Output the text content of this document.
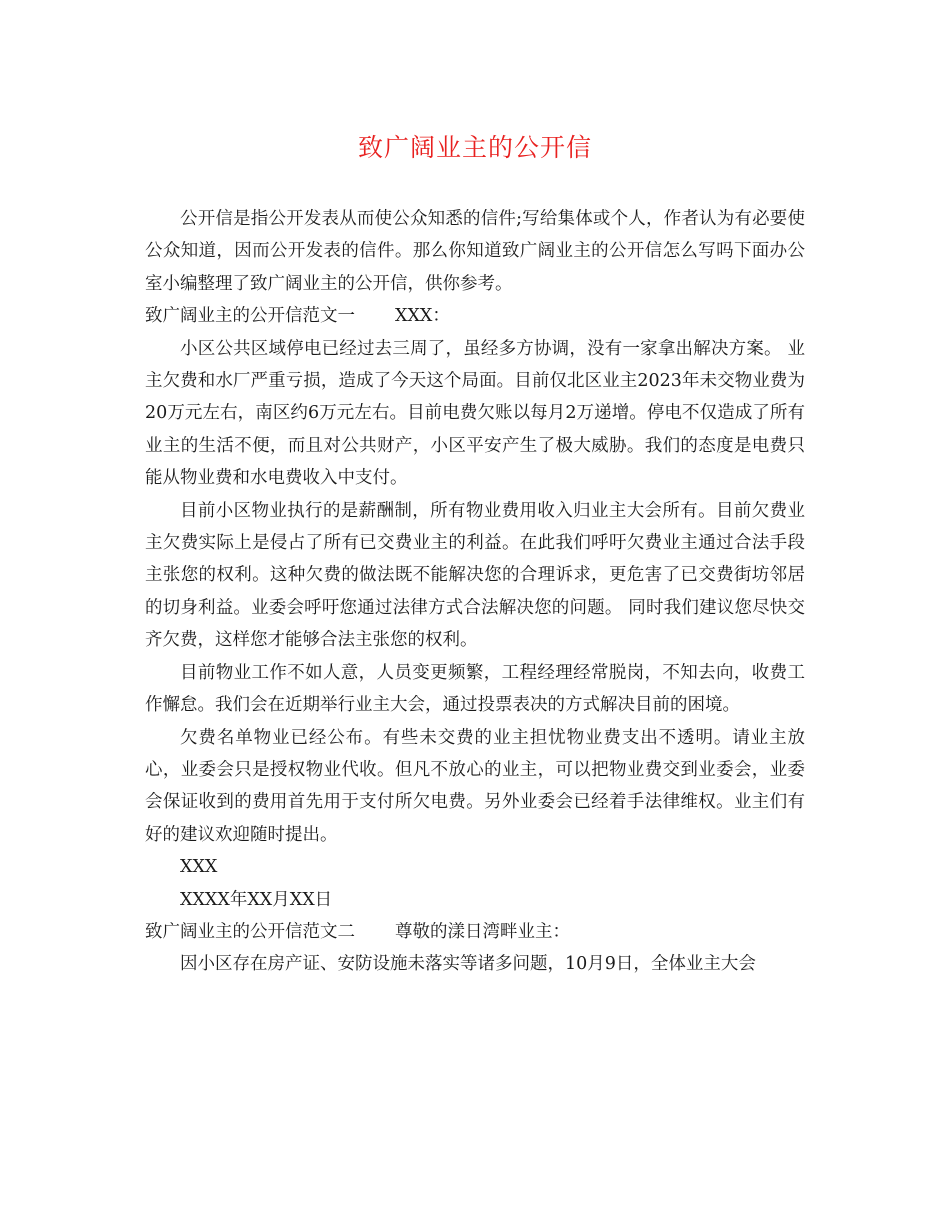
致广阔业主的公开信

公开信是指公开发表从而使公众知悉的信件;写给集体或个人，作者认为有必要使公众知道，因而公开发表的信件。那么你知道致广阔业主的公开信怎么写吗下面办公室小编整理了致广阔业主的公开信，供你参考。

致广阔业主的公开信范文一 XXX：

小区公共区域停电已经过去三周了，虽经多方协调，没有一家拿出解决方案。 业主欠费和水厂严重亏损，造成了今天这个局面。目前仅北区业主2023年未交物业费为20万元左右，南区约6万元左右。目前电费欠账以每月2万递增。停电不仅造成了所有业主的生活不便，而且对公共财产，小区平安产生了极大威胁。我们的态度是电费只能从物业费和水电费收入中支付。

目前小区物业执行的是薪酬制，所有物业费用收入归业主大会所有。目前欠费业主欠费实际上是侵占了所有已交费业主的利益。在此我们呼吁欠费业主通过合法手段主张您的权利。这种欠费的做法既不能解决您的合理诉求，更危害了已交费街坊邻居的切身利益。业委会呼吁您通过法律方式合法解决您的问题。 同时我们建议您尽快交齐欠费，这样您才能够合法主张您的权利。

目前物业工作不如人意，人员变更频繁，工程经理经常脱岗，不知去向，收费工作懈怠。我们会在近期举行业主大会，通过投票表决的方式解决目前的困境。

欠费名单物业已经公布。有些未交费的业主担忧物业费支出不透明。请业主放心，业委会只是授权物业代收。但凡不放心的业主，可以把物业费交到业委会，业委会保证收到的费用首先用于支付所欠电费。另外业委会已经着手法律维权。业主们有好的建议欢迎随时提出。

XXX

XXXX年XX月XX日

致广阔业主的公开信范文二 尊敬的漾日湾畔业主：

因小区存在房产证、安防设施未落实等诸多问题，10月9日，全体业主大会
